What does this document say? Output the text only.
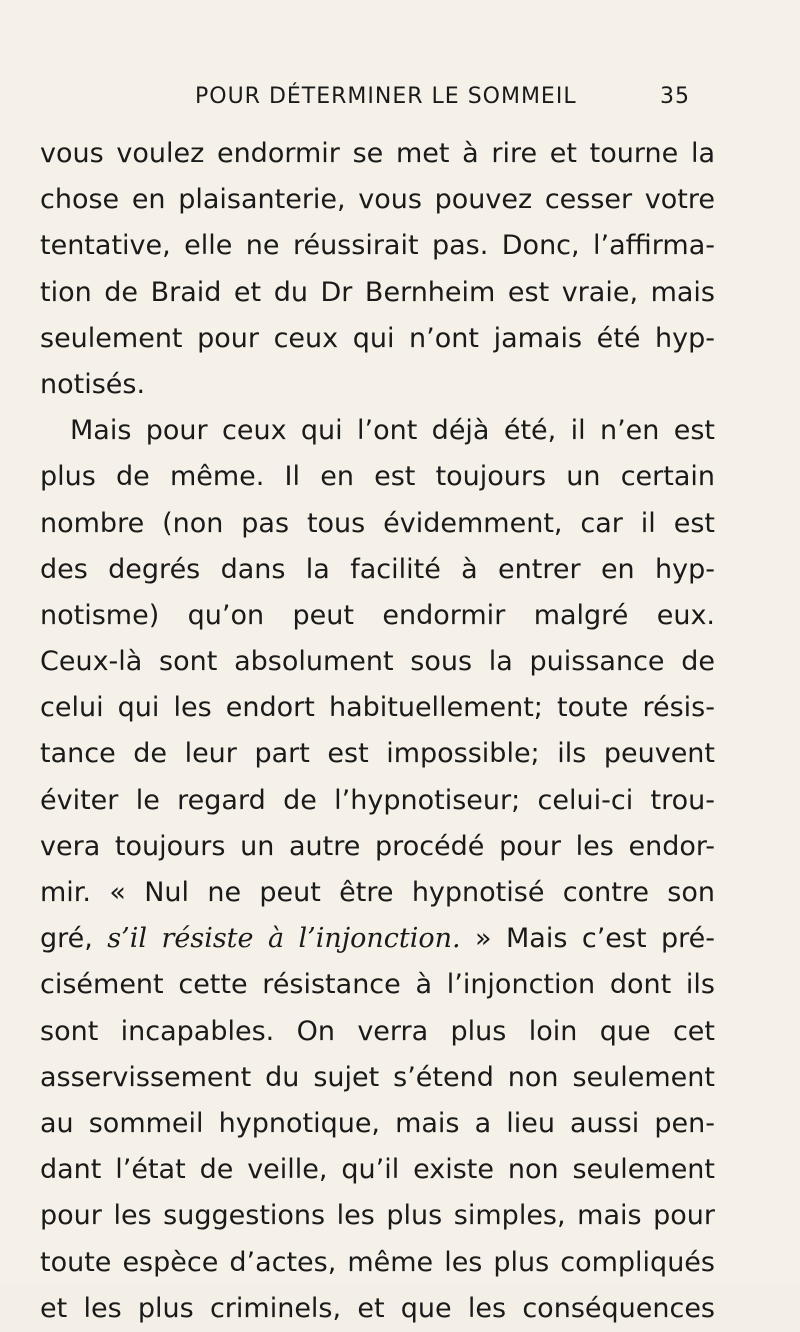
POUR DÉTERMINER LE SOMMEIL	35
vous voulez endormir se met à rire et tourne la
chose en plaisanterie, vous pouvez cesser votre
tentative, elle ne réussirait pas. Donc, l’affirma-
tion de Braid et du Dr Bernheim est vraie, mais
seulement pour ceux qui n’ont jamais été hyp-
notisés.
Mais pour ceux qui l’ont déjà été, il n’en est
plus de même. Il en est toujours un certain
nombre (non pas tous évidemment, car il est
des degrés dans la facilité à entrer en hyp-
notisme) qu’on peut endormir malgré eux.
Ceux-là sont absolument sous la puissance de
celui qui les endort habituellement; toute résis-
tance de leur part est impossible; ils peuvent
éviter le regard de l’hypnotiseur; celui-ci trou-
vera toujours un autre procédé pour les endor-
mir. « Nul ne peut être hypnotisé contre son
gré, s’il résiste à l’injonction. » Mais c’est pré-
cisément cette résistance à l’injonction dont ils
sont incapables. On verra plus loin que cet
asservissement du sujet s’étend non seulement
au sommeil hypnotique, mais a lieu aussi pen-
dant l’état de veille, qu’il existe non seulement
pour les suggestions les plus simples, mais pour
toute espèce d’actes, même les plus compliqués
et les plus criminels, et que les conséquences
